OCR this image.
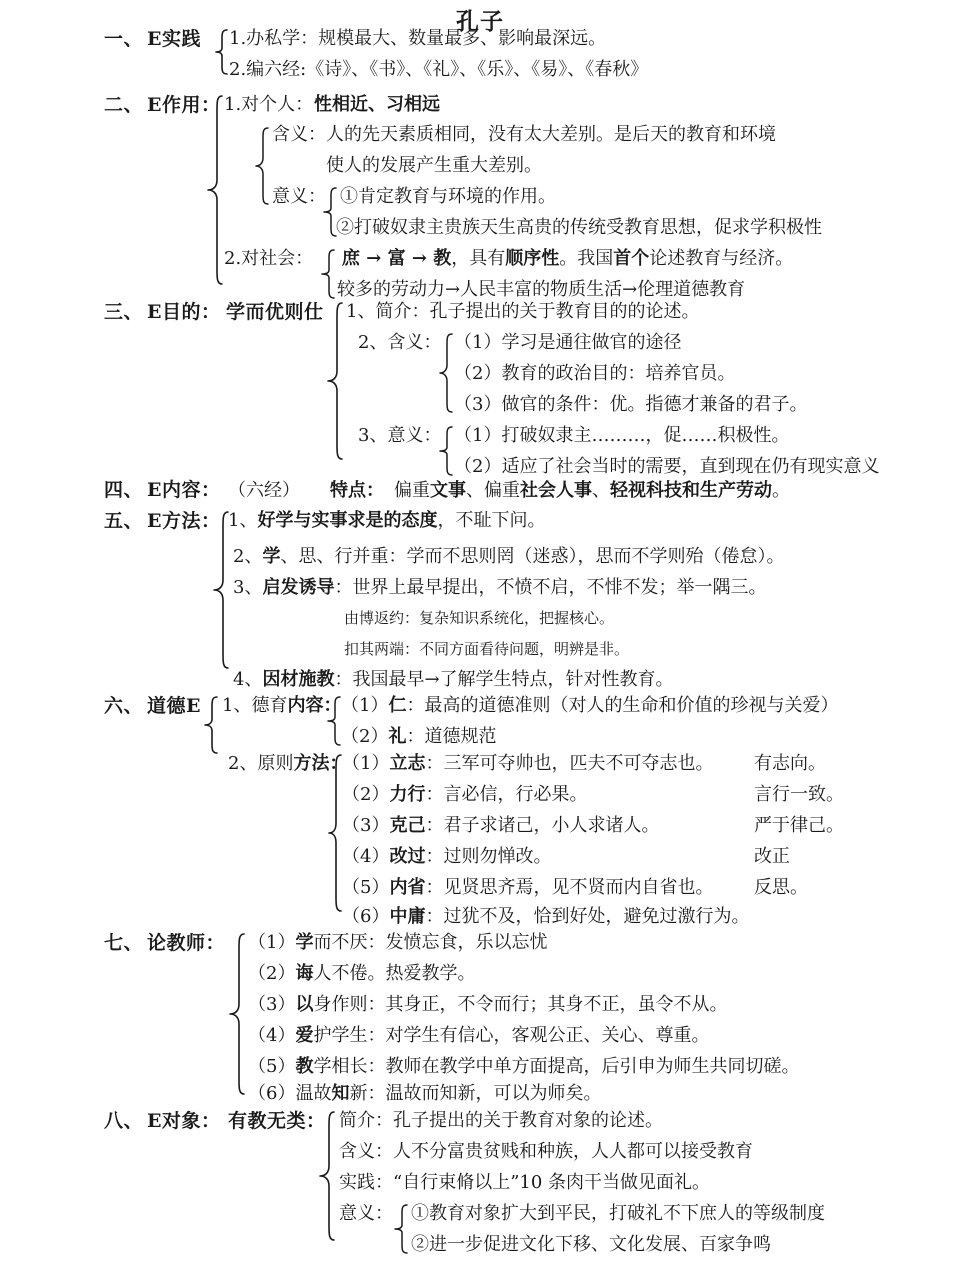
孔子
一、 E实践 1.办私学：规模最大、数量最多、影响最深远。
2.编六经:《诗》、《书》、《礼》、《乐》、《易》、《春秋》
二、 E作用： 1.对个人： 性相近、习相远
含义： 人的先天素质相同，没有太大差别。是后天的教育和环境
使人的发展产生重大差别。
意义： ①肯定教育与环境的作用。
②打破奴隶主贵族天生高贵的传统受教育思想，促求学积极性
2.对社会： 庶 → 富 → 教，具有顺序性。我国首个论述教育与经济。
较多的劳动力→人民丰富的物质生活→伦理道德教育
三、 E目的： 学而优则仕 1、简介：孔子提出的关于教育目的的论述。
2、含义： （1）学习是通往做官的途径
（2）教育的政治目的：培养官员。
（3）做官的条件：优。指德才兼备的君子。
3、意义： （1）打破奴隶主………，促……积极性。
（2）适应了社会当时的需要，直到现在仍有现实意义
四、 E内容： （六经） 特点： 偏重文事、偏重社会人事、轻视科技和生产劳动。
五、 E方法： 1、好学与实事求是的态度，不耻下问。
2、学、思、行并重：学而不思则罔（迷惑），思而不学则殆（倦怠）。
3、启发诱导：世界上最早提出，不愤不启，不悱不发；举一隅三。
由博返约：复杂知识系统化，把握核心。
扣其两端：不同方面看待问题，明辨是非。
4、因材施教：我国最早→了解学生特点，针对性教育。
六、 道德E 1、德育内容： （1）仁：最高的道德准则（对人的生命和价值的珍视与关爱）
（2）礼：道德规范
2、原则方法：
（1）立志：三军可夺帅也，匹夫不可夺志也。 有志向。
（2）力行：言必信，行必果。	言行一致。
（3）克己：君子求诸己，小人求诸人。	严于律己。
（4）改过：过则勿惮改。	改正
（5）内省：见贤思齐焉，见不贤而内自省也。 反思。
（6）中庸：过犹不及，恰到好处，避免过激行为。
七、 论教师： （1）学而不厌：发愤忘食，乐以忘忧
（2）诲人不倦。热爱教学。
（3）以身作则：其身正，不令而行；其身不正，虽令不从。
（4）爱护学生：对学生有信心，客观公正、关心、尊重。
（5）教学相长：教师在教学中单方面提高，后引申为师生共同切磋。
（6）温故知新：温故而知新，可以为师矣。
八、 E对象： 有教无类： 简介：孔子提出的关于教育对象的论述。
含义：人不分富贵贫贱和种族，人人都可以接受教育
实践：“自行束脩以上”10 条肉干当做见面礼。
意义： ①教育对象扩大到平民，打破礼不下庶人的等级制度
②进一步促进文化下移、文化发展、百家争鸣
